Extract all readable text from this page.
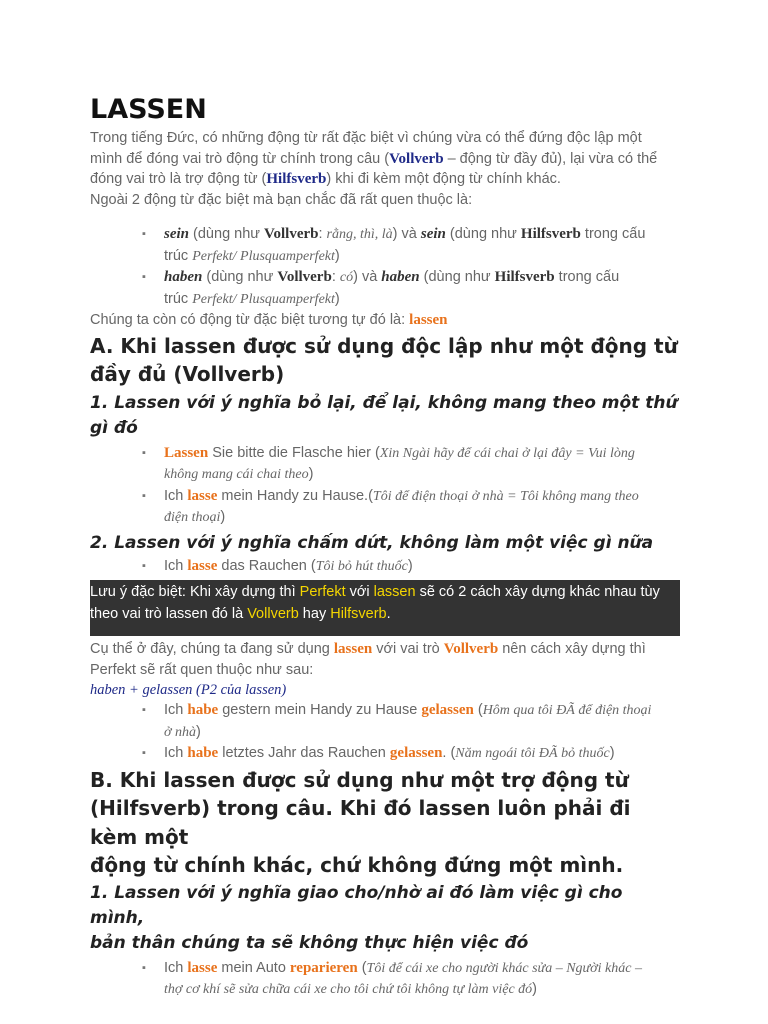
LASSEN

Trong tiếng Đức, có những động từ rất đặc biệt vì chúng vừa có thể đứng độc lập một

mình để đóng vai trò động từ chính trong câu (Vollverb – động từ đầy đủ), lại vừa có thể

đóng vai trò là trợ động từ (Hilfsverb) khi đi kèm một động từ chính khác.

Ngoài 2 động từ đặc biệt mà bạn chắc đã rất quen thuộc là:

▪ sein (dùng như Vollverb: rằng, thì, là) và sein (dùng như Hilfsverb trong cấu
trúc Perfekt/ Plusquamperfekt)
▪ haben (dùng như Vollverb: có) và haben (dùng như Hilfsverb trong cấu
trúc Perfekt/ Plusquamperfekt)

Chúng ta còn có động từ đặc biệt tương tự đó là: lassen

A. Khi lassen được sử dụng độc lập như một động từ
đầy đủ (Vollverb)
1. Lassen với ý nghĩa bỏ lại, để lại, không mang theo một thứ
gì đó
▪ Lassen Sie bitte die Flasche hier (Xin Ngài hãy để cái chai ở lại đây = Vui lòng
không mang cái chai theo)
▪ Ich lasse mein Handy zu Hause.(Tôi để điện thoại ở nhà = Tôi không mang theo
điện thoại)
2. Lassen với ý nghĩa chấm dứt, không làm một việc gì nữa
▪ Ich lasse das Rauchen (Tôi bỏ hút thuốc)
Lưu ý đặc biệt: Khi xây dựng thì Perfekt với lassen sẽ có 2 cách xây dựng khác nhau tùy
theo vai trò lassen đó là Vollverb hay Hilfsverb.

Cụ thể ở đây, chúng ta đang sử dụng lassen với vai trò Vollverb nên cách xây dựng thì

Perfekt sẽ rất quen thuộc như sau:

haben + gelassen (P2 của lassen)

▪ Ich habe gestern mein Handy zu Hause gelassen (Hôm qua tôi ĐÃ để điện thoại
ở nhà)
▪ Ich habe letztes Jahr das Rauchen gelassen. (Năm ngoái tôi ĐÃ bỏ thuốc)
B. Khi lassen được sử dụng như một trợ động từ
(Hilfsverb) trong câu. Khi đó lassen luôn phải đi kèm một
động từ chính khác, chứ không đứng một mình.
1. Lassen với ý nghĩa giao cho/nhờ ai đó làm việc gì cho mình,
bản thân chúng ta sẽ không thực hiện việc đó
▪ Ich lasse mein Auto reparieren (Tôi để cái xe cho người khác sửa – Người khác –
thợ cơ khí sẽ sửa chữa cái xe cho tôi chứ tôi không tự làm việc đó)
